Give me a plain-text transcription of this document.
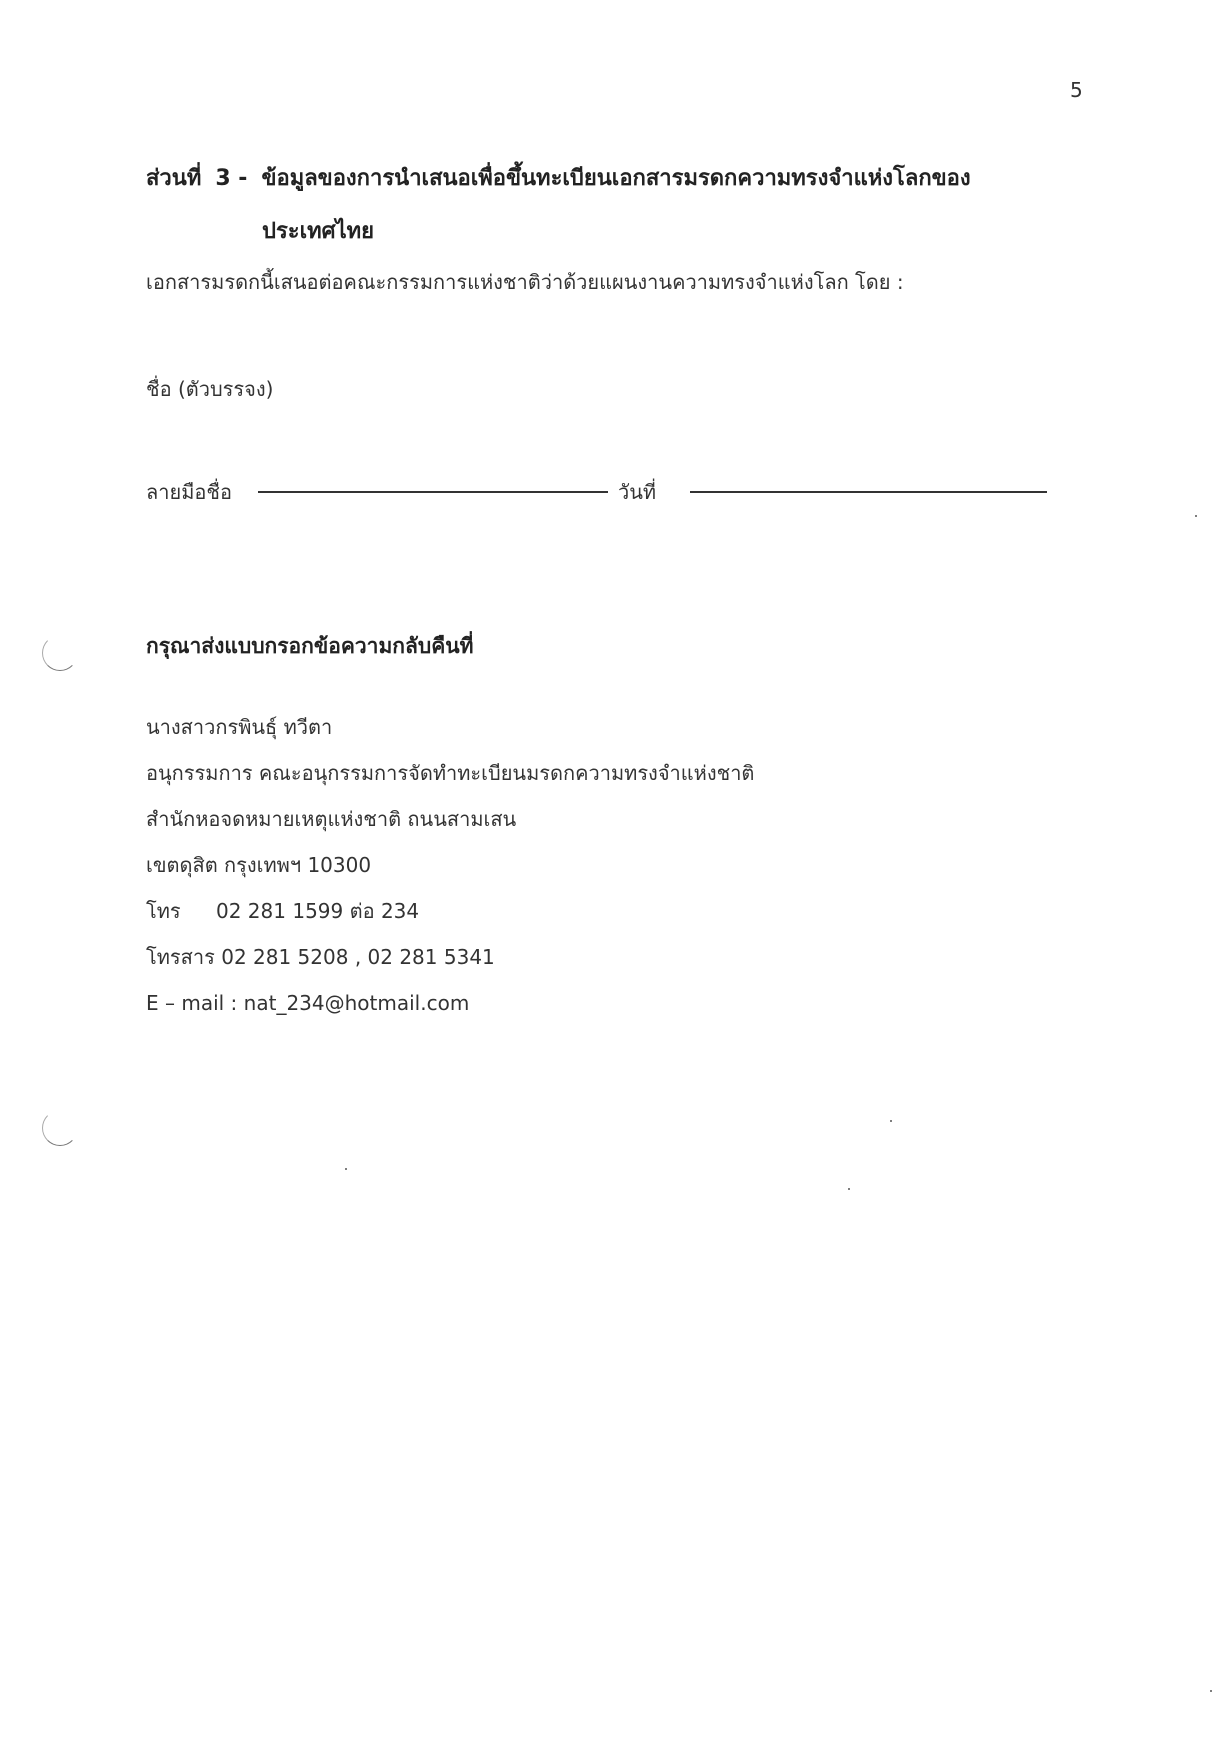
5
ส่วนที่ 3 - ข้อมูลของการนำเสนอเพื่อขึ้นทะเบียนเอกสารมรดกความทรงจำแห่งโลกของ
ประเทศไทย
เอกสารมรดกนี้เสนอต่อคณะกรรมการแห่งชาติว่าด้วยแผนงานความทรงจำแห่งโลก โดย :
ชื่อ (ตัวบรรจง)
ลายมือชื่อ	วันที่
กรุณาส่งแบบกรอกข้อความกลับคืนที่
นางสาวกรพินธุ์ ทวีตา
อนุกรรมการ คณะอนุกรรมการจัดทำทะเบียนมรดกความทรงจำแห่งชาติ
สำนักหอจดหมายเหตุแห่งชาติ ถนนสามเสน
เขตดุสิต กรุงเทพฯ 10300
โทร 02 281 1599 ต่อ 234
โทรสาร 02 281 5208 , 02 281 5341
E – mail : nat_234@hotmail.com
